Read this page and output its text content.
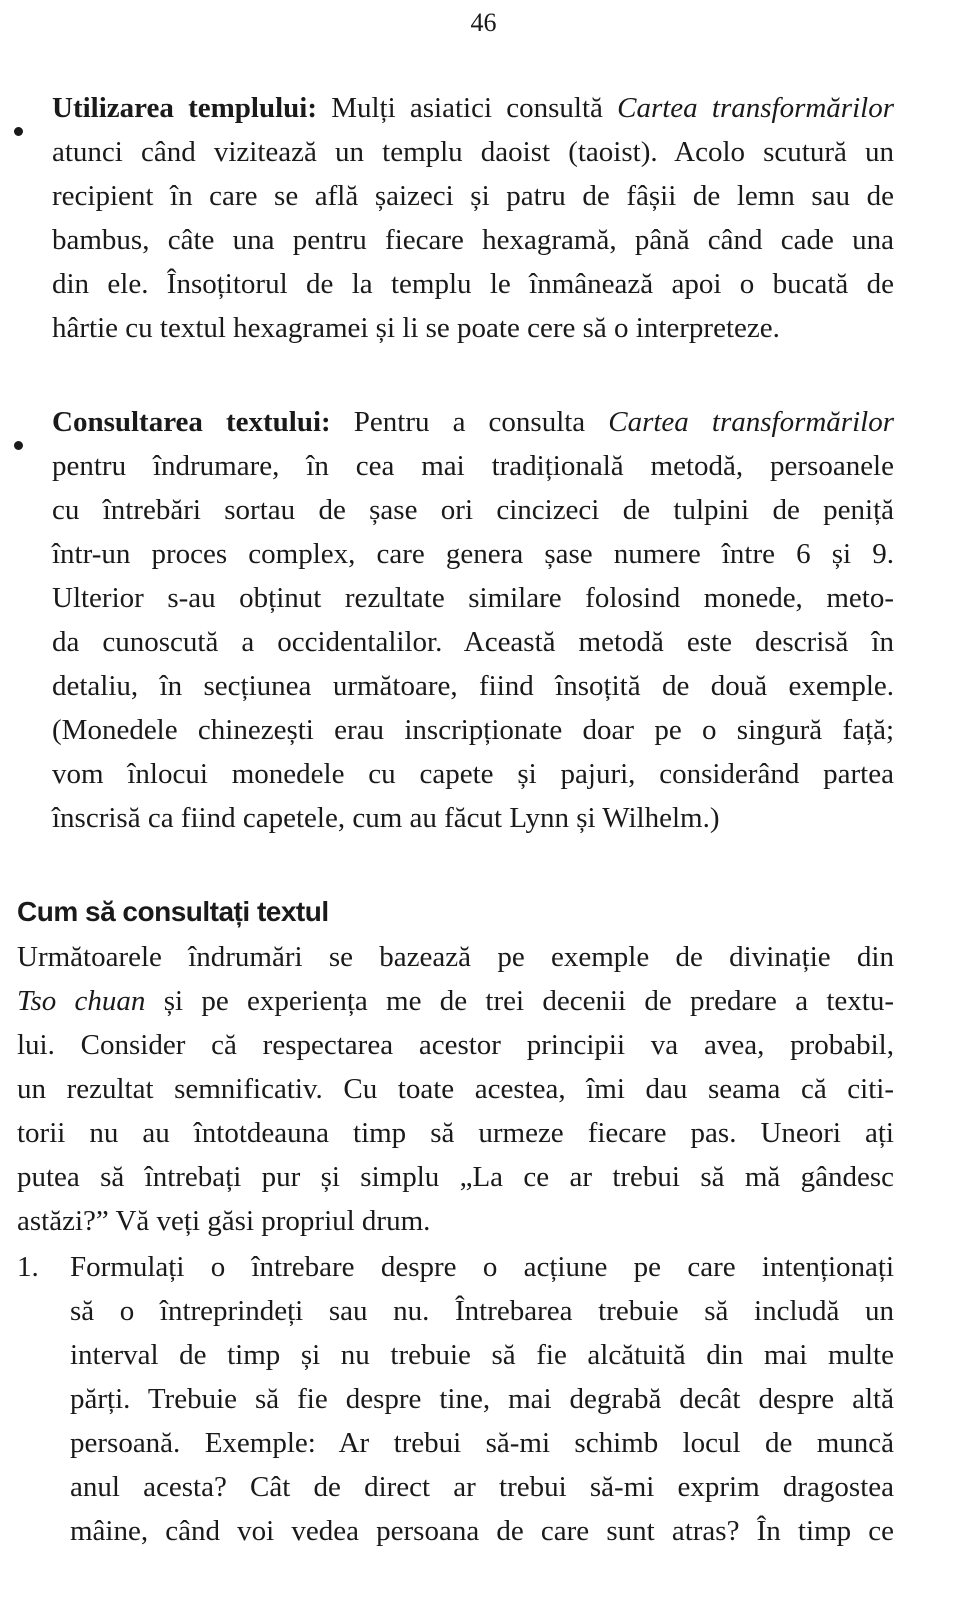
46
Utilizarea templului: Mulți asiatici consultă Cartea transformărilor
atunci când vizitează un templu daoist (taoist). Acolo scutură un
recipient în care se află șaizeci și patru de fâșii de lemn sau de
bambus, câte una pentru fiecare hexagramă, până când cade una
din ele. Însoțitorul de la templu le înmânează apoi o bucată de
hârtie cu textul hexagramei și li se poate cere să o interpreteze.
Consultarea textului: Pentru a consulta Cartea transformărilor
pentru îndrumare, în cea mai tradițională metodă, persoanele
cu întrebări sortau de șase ori cincizeci de tulpini de peniță
într-un proces complex, care genera șase numere între 6 și 9.
Ulterior s-au obținut rezultate similare folosind monede, meto-
da cunoscută a occidentalilor. Această metodă este descrisă în
detaliu, în secțiunea următoare, fiind însoțită de două exemple.
(Monedele chinezești erau inscripționate doar pe o singură față;
vom înlocui monedele cu capete și pajuri, considerând partea
înscrisă ca fiind capetele, cum au făcut Lynn și Wilhelm.)
Cum să consultați textul
Următoarele îndrumări se bazează pe exemple de divinație din
Tso chuan și pe experiența me de trei decenii de predare a textu-
lui. Consider că respectarea acestor principii va avea, probabil,
un rezultat semnificativ. Cu toate acestea, îmi dau seama că citi-
torii nu au întotdeauna timp să urmeze fiecare pas. Uneori ați
putea să întrebați pur și simplu „La ce ar trebui să mă gândesc
astăzi?” Vă veți găsi propriul drum.
1. Formulați o întrebare despre o acțiune pe care intenționați
să o întreprindeți sau nu. Întrebarea trebuie să includă un
interval de timp și nu trebuie să fie alcătuită din mai multe
părți. Trebuie să fie despre tine, mai degrabă decât despre altă
persoană. Exemple: Ar trebui să-mi schimb locul de muncă
anul acesta? Cât de direct ar trebui să-mi exprim dragostea
mâine, când voi vedea persoana de care sunt atras? În timp ce
